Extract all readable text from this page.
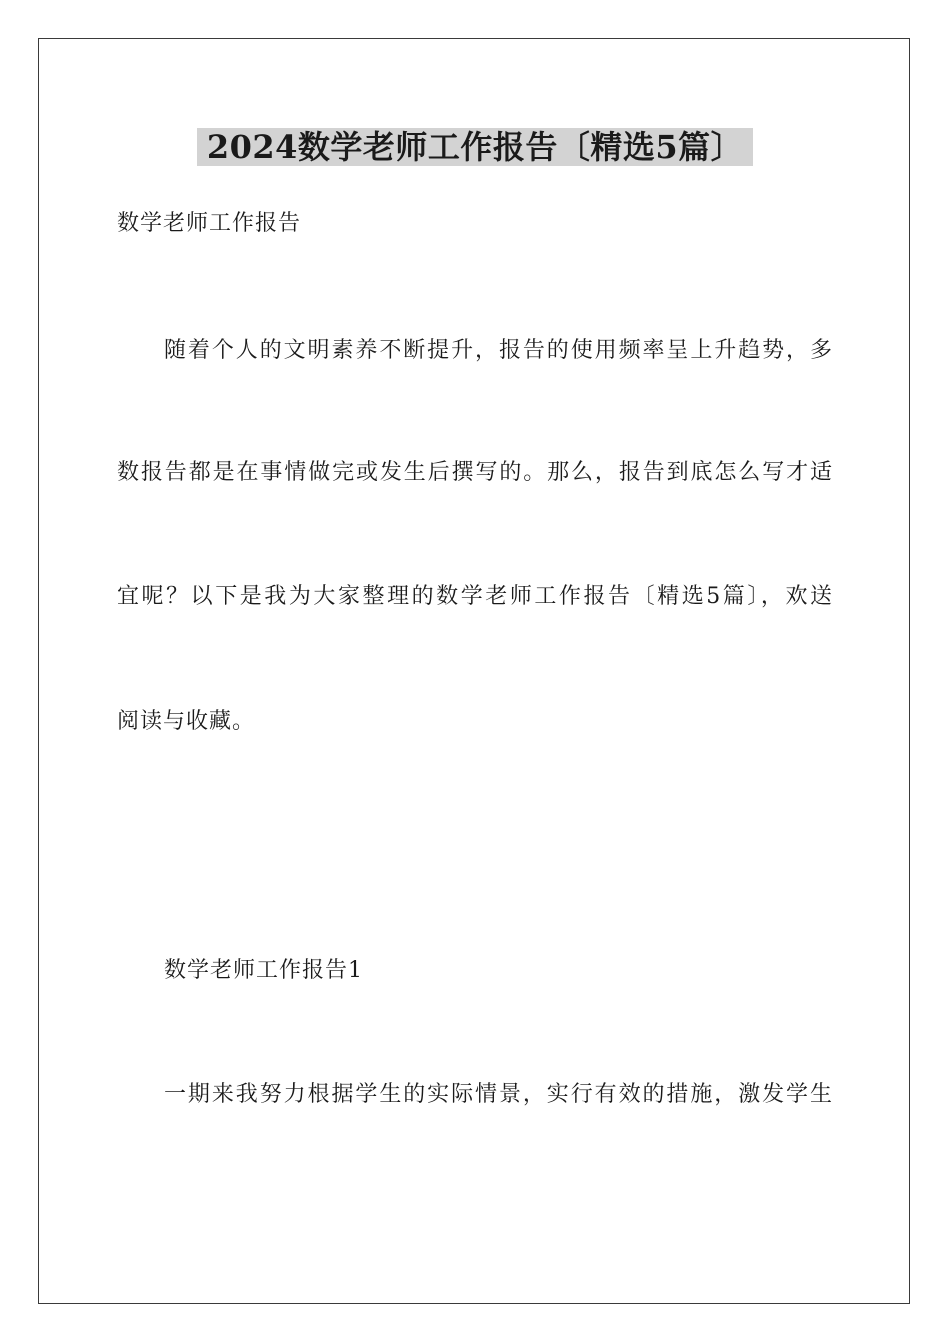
2024数学老师工作报告〔精选5篇〕
数学老师工作报告
随着个人的文明素养不断提升，报告的使用频率呈上升趋势，多
数报告都是在事情做完或发生后撰写的。那么，报告到底怎么写才适
宜呢？以下是我为大家整理的数学老师工作报告〔精选5篇〕，欢送
阅读与收藏。
数学老师工作报告1
一期来我努力根据学生的实际情景，实行有效的措施，激发学生
